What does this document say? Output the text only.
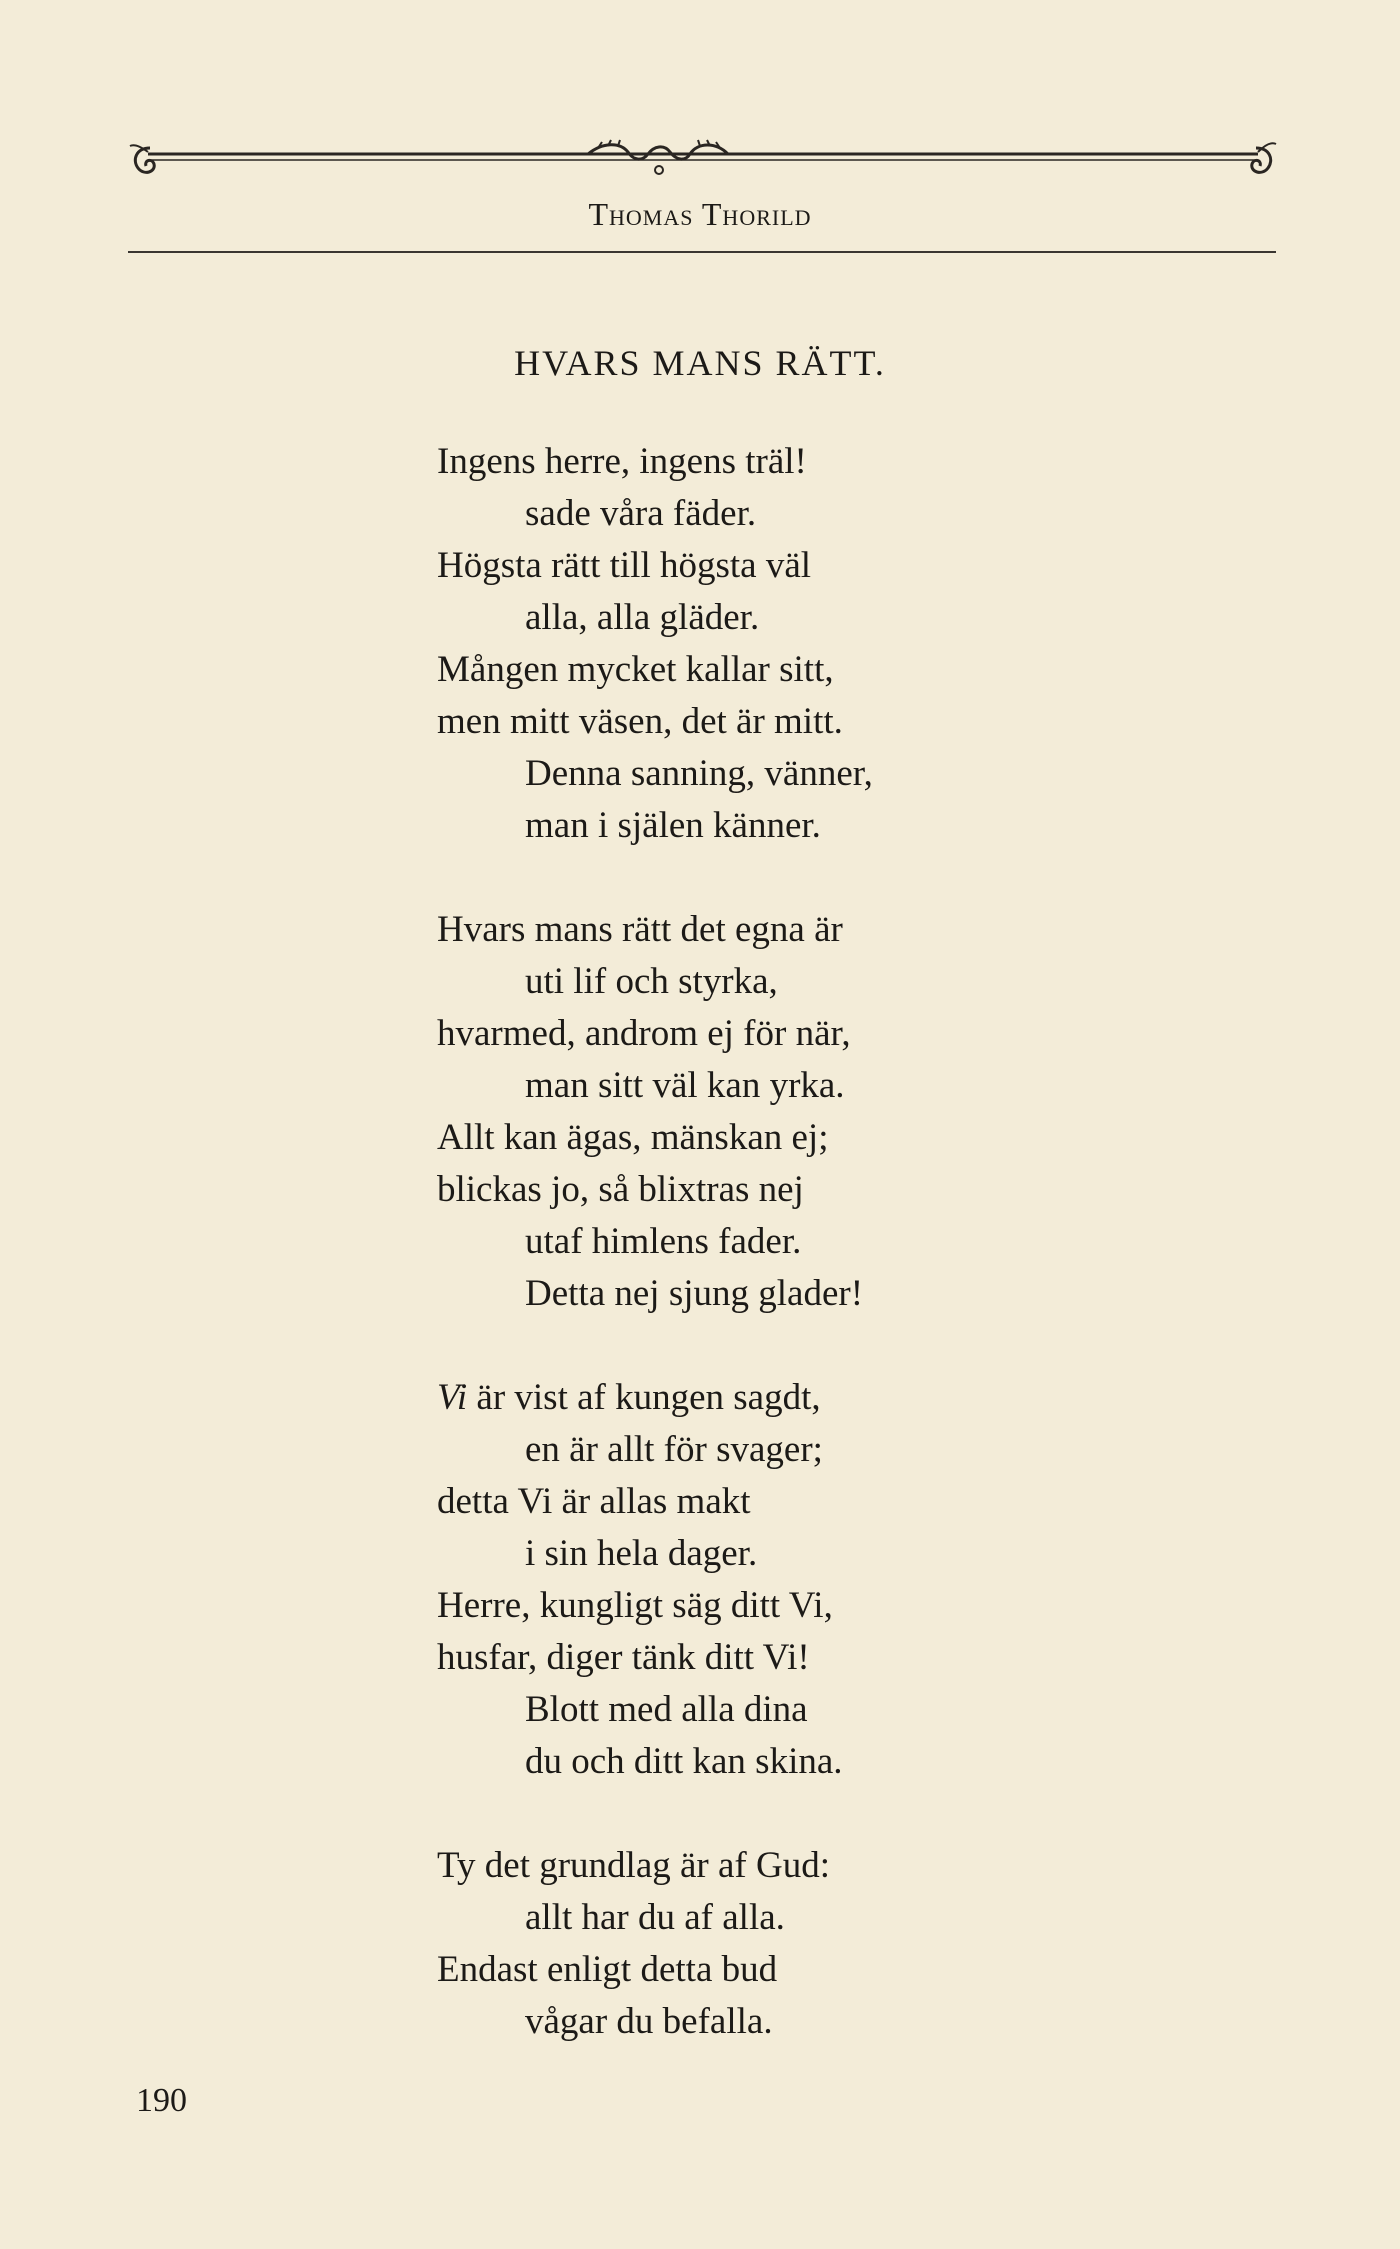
Thomas Thorild
HVARS MANS RÄTT.
Ingens herre, ingens träl!
sade våra fäder.
Högsta rätt till högsta väl
alla, alla gläder.
Mången mycket kallar sitt,
men mitt väsen, det är mitt.
Denna sanning, vänner,
man i själen känner.
Hvars mans rätt det egna är
uti lif och styrka,
hvarmed, androm ej för när,
man sitt väl kan yrka.
Allt kan ägas, mänskan ej;
blickas jo, så blixtras nej
utaf himlens fader.
Detta nej sjung glader!
Vi är vist af kungen sagdt,
en är allt för svager;
detta Vi är allas makt
i sin hela dager.
Herre, kungligt säg ditt Vi,
husfar, diger tänk ditt Vi!
Blott med alla dina
du och ditt kan skina.
Ty det grundlag är af Gud:
allt har du af alla.
Endast enligt detta bud
vågar du befalla.
190
